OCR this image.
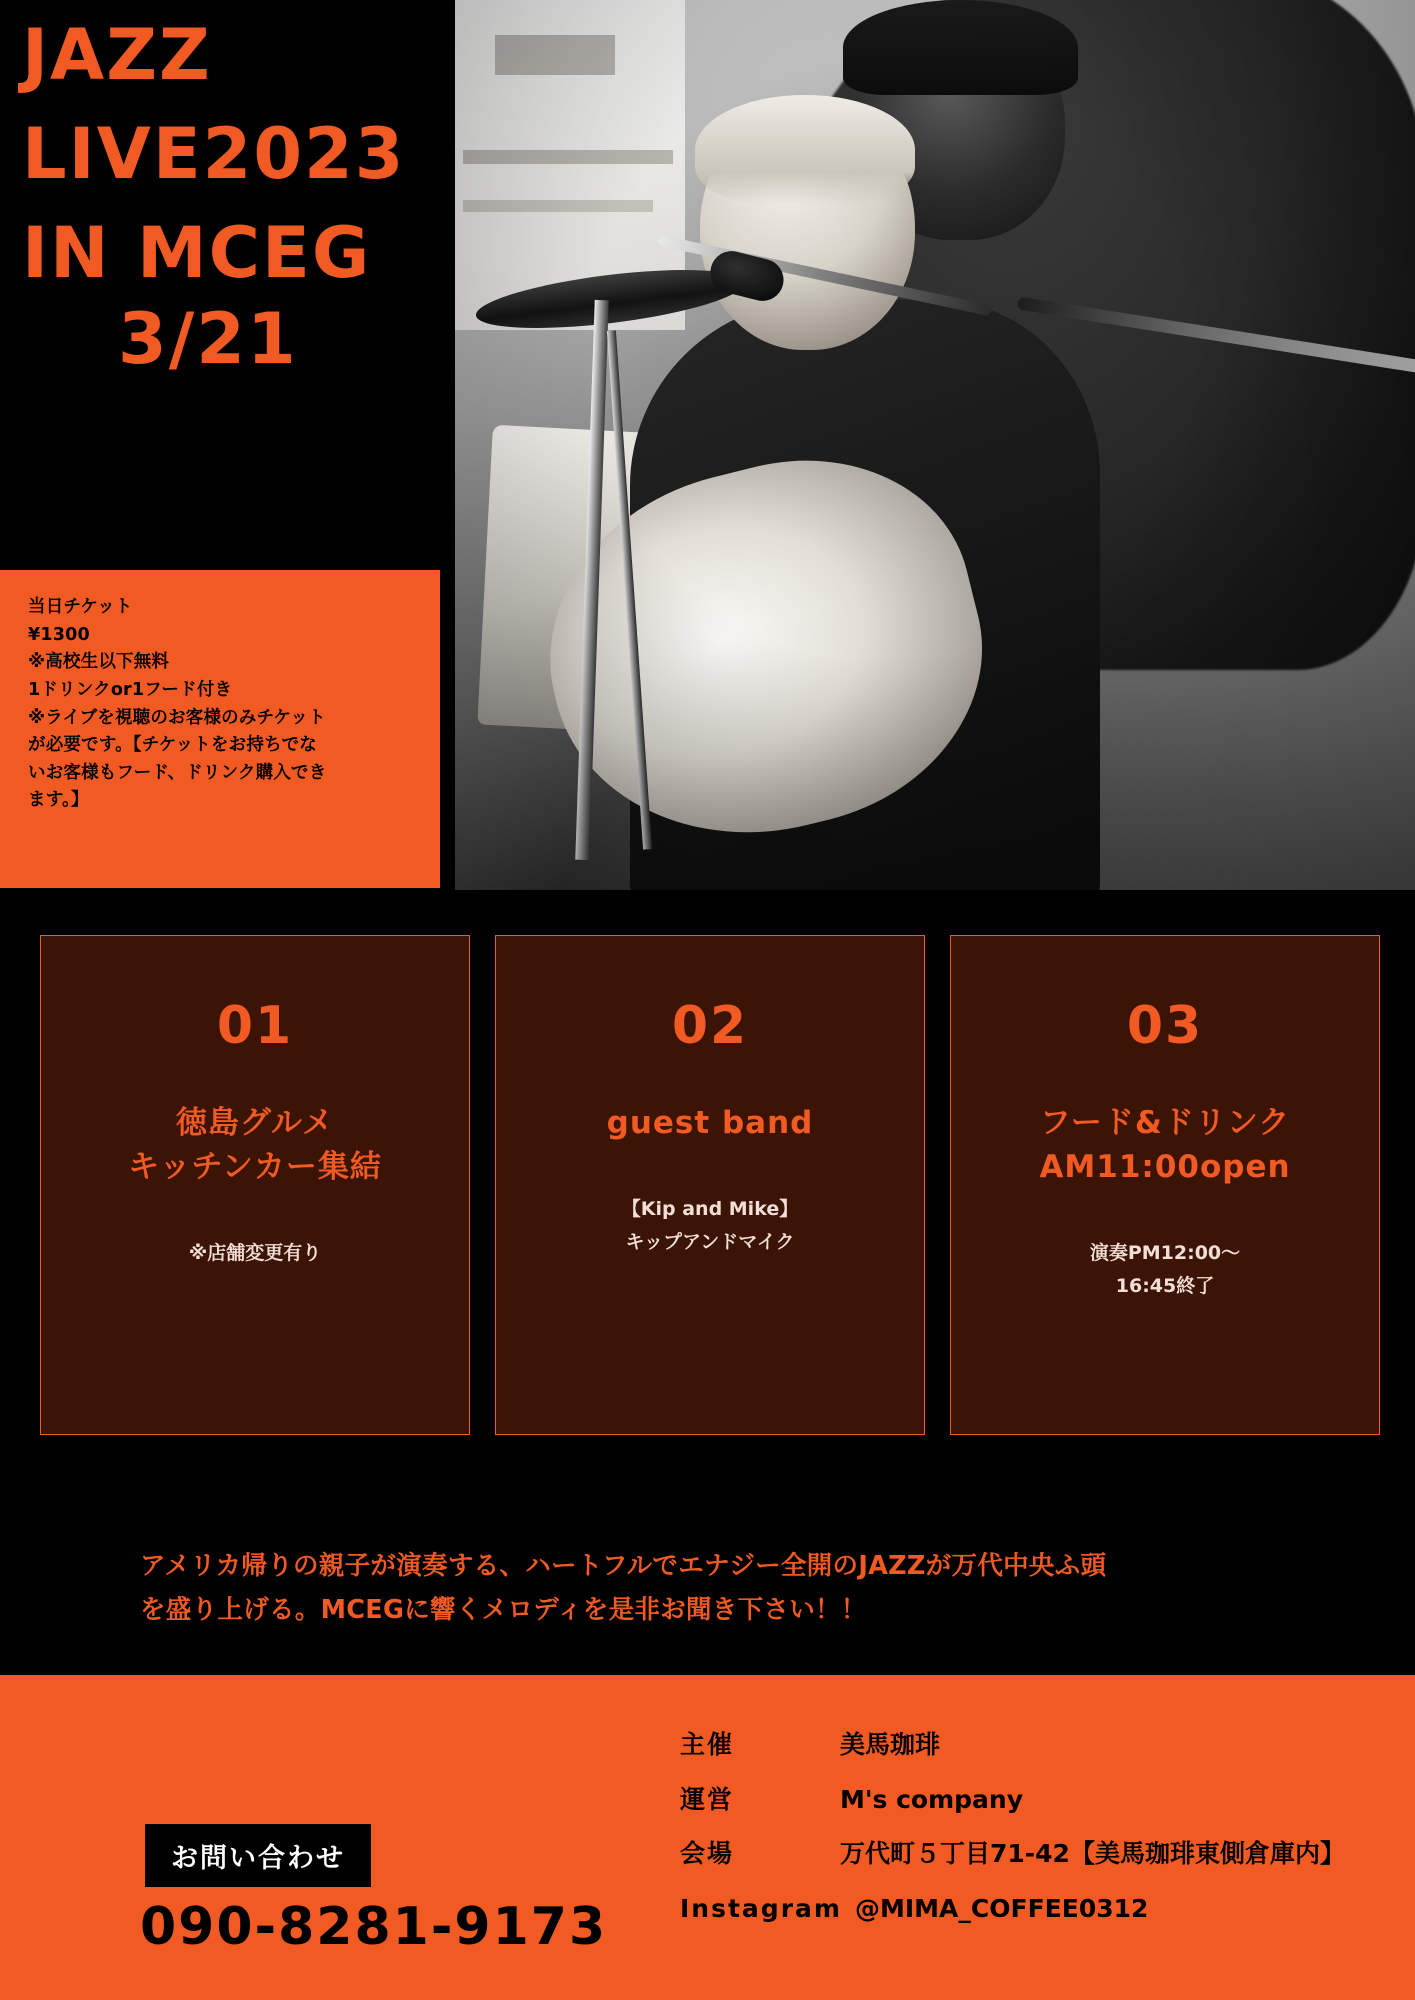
JAZZ
LIVE2023
IN MCEG
3/21
当日チケット
¥1300
※高校生以下無料
1ドリンクor1フード付き
※ライブを視聴のお客様のみチケット
が必要です。【チケットをお持ちでな
いお客様もフード、ドリンク購入でき
ます。】
01
徳島グルメ
キッチンカー集結
※店舗変更有り
02
guest band
【Kip and Mike】
キップアンドマイク
03
フード&ドリンク
AM11:00open
演奏PM12:00〜
16:45終了
アメリカ帰りの親子が演奏する、ハートフルでエナジー全開のJAZZが万代中央ふ頭
を盛り上げる。MCEGに響くメロディを是非お聞き下さい！！
お問い合わせ
090-8281-9173
主催	美馬珈琲
運営	M's company
会場	万代町５丁目71-42【美馬珈琲東側倉庫内】
Instagram @MIMA_COFFEE0312
